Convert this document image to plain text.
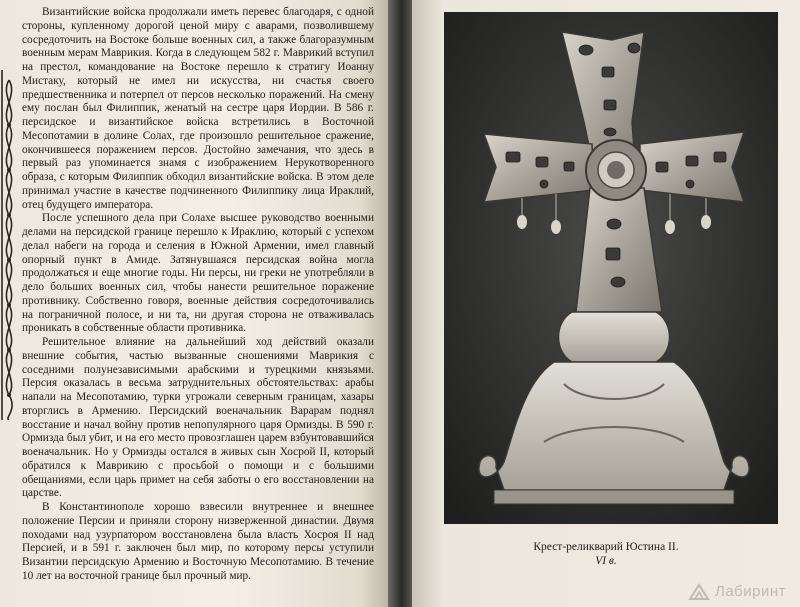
Византийские войска продолжали иметь перевес благодаря, с одной стороны, купленному дорогой ценой миру с аварами, позволившему сосредоточить на Востоке больше военных сил, а также благоразумным военным мерам Маврикия. Когда в следующем 582 г. Маврикий вступил на престол, командование на Востоке перешло к стратигу Иоанну Мистаку, который не имел ни искусства, ни счастья своего предшественника и потерпел от персов несколько поражений. На смену ему послан был Филиппик, женатый на сестре царя Иордии. В 586 г. персидское и византийское войска встретились в Восточной Месопотамии в долине Солах, где произошло решительное сражение, окончившееся поражением персов. Достойно замечания, что здесь в первый раз упоминается знамя с изображением Нерукотворенного образа, с которым Филиппик обходил византийские войска. В этом деле принимал участие в качестве подчиненного Филиппику лица Ираклий, отец будущего императора.

После успешного дела при Солахе высшее руководство военными делами на персидской границе перешло к Ираклию, который с успехом делал набеги на города и селения в Южной Армении, имел главный опорный пункт в Амиде. Затянувшаяся персидская война могла продолжаться и еще многие годы. Ни персы, ни греки не употребляли в дело больших военных сил, чтобы нанести решительное поражение противнику. Собственно говоря, военные действия сосредоточивались на пограничной полосе, и ни та, ни другая сторона не отваживалась проникать в собственные области противника.

Решительное влияние на дальнейший ход действий оказали внешние события, частью вызванные сношениями Маврикия с соседними полунезависимыми арабскими и турецкими князьями. Персия оказалась в весьма затруднительных обстоятельствах: арабы напали на Месопотамию, турки угрожали северным границам, хазары вторглись в Армению. Персидский военачальник Варарам поднял восстание и начал войну против непопулярного царя Ормизды. В 590 г. Ормизда был убит, и на его место провозглашен царем взбунтовавшийся военачальник. Но у Ормизды остался в живых сын Хосрой II, который обратился к Маврикию с просьбой о помощи и с большими обещаниями, если царь примет на себя заботы о его восстановлении на царстве.

В Константинополе хорошо взвесили внутреннее и внешнее положение Персии и приняли сторону низверженной династии. Двумя походами над узурпатором восстановлена была власть Хосроя II над Персией, и в 591 г. заключен был мир, по которому персы уступили Византии персидскую Армению и Восточную Месопотамию. В течение 10 лет на восточной границе был прочный мир.

Крест-реликварий Юстина II.
VI в.
Лабиринт
